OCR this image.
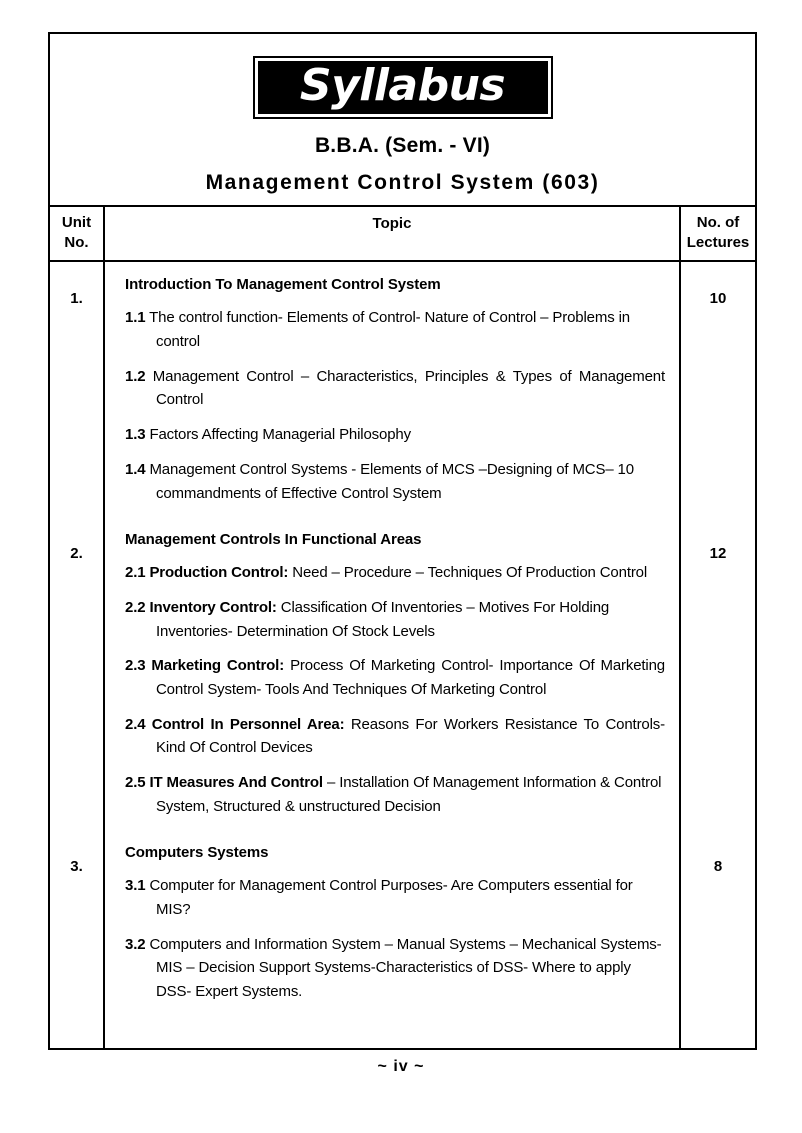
Syllabus
B.B.A. (Sem. - VI)
Management Control System (603)
Unit
No.
Topic	No. of
Lectures
1.
2.
3.
Introduction To Management Control System
1.1 The control function- Elements of Control- Nature of Control – Problems in control
1.2 Management Control – Characteristics, Principles & Types of Management Control
1.3 Factors Affecting Managerial Philosophy
1.4 Management Control Systems - Elements of MCS –Designing of MCS– 10 commandments of Effective Control System
Management Controls In Functional Areas
2.1 Production Control: Need – Procedure – Techniques Of Production Control
2.2 Inventory Control: Classification Of Inventories – Motives For Holding Inventories- Determination Of Stock Levels
2.3 Marketing Control: Process Of Marketing Control- Importance Of Marketing Control System- Tools And Techniques Of Marketing Control
2.4 Control In Personnel Area: Reasons For Workers Resistance To Controls- Kind Of Control Devices
2.5 IT Measures And Control – Installation Of Management Information & Control System, Structured & unstructured Decision
Computers Systems
3.1 Computer for Management Control Purposes- Are Computers essential for MIS?
3.2 Computers and Information System – Manual Systems – Mechanical Systems- MIS – Decision Support Systems-Characteristics of DSS- Where to apply DSS- Expert Systems.
10
12
8
~ iv ~
